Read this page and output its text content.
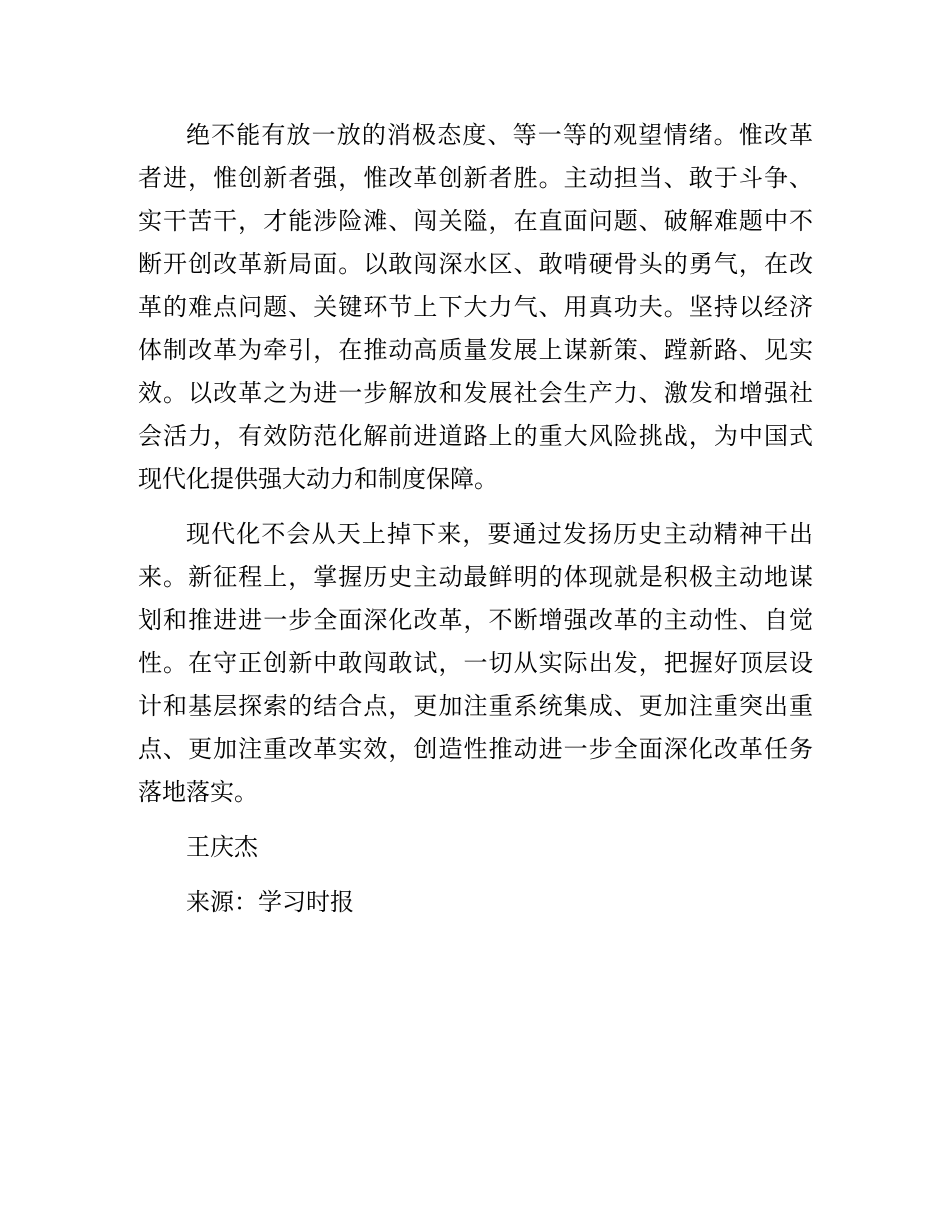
绝不能有放一放的消极态度、等一等的观望情绪。惟改革
者进，惟创新者强，惟改革创新者胜。主动担当、敢于斗争、
实干苦干，才能涉险滩、闯关隘，在直面问题、破解难题中不
断开创改革新局面。以敢闯深水区、敢啃硬骨头的勇气，在改
革的难点问题、关键环节上下大力气、用真功夫。坚持以经济
体制改革为牵引，在推动高质量发展上谋新策、蹚新路、见实
效。以改革之为进一步解放和发展社会生产力、激发和增强社
会活力，有效防范化解前进道路上的重大风险挑战，为中国式
现代化提供强大动力和制度保障。
现代化不会从天上掉下来，要通过发扬历史主动精神干出
来。新征程上，掌握历史主动最鲜明的体现就是积极主动地谋
划和推进进一步全面深化改革，不断增强改革的主动性、自觉
性。在守正创新中敢闯敢试，一切从实际出发，把握好顶层设
计和基层探索的结合点，更加注重系统集成、更加注重突出重
点、更加注重改革实效，创造性推动进一步全面深化改革任务
落地落实。
王庆杰
来源：学习时报
